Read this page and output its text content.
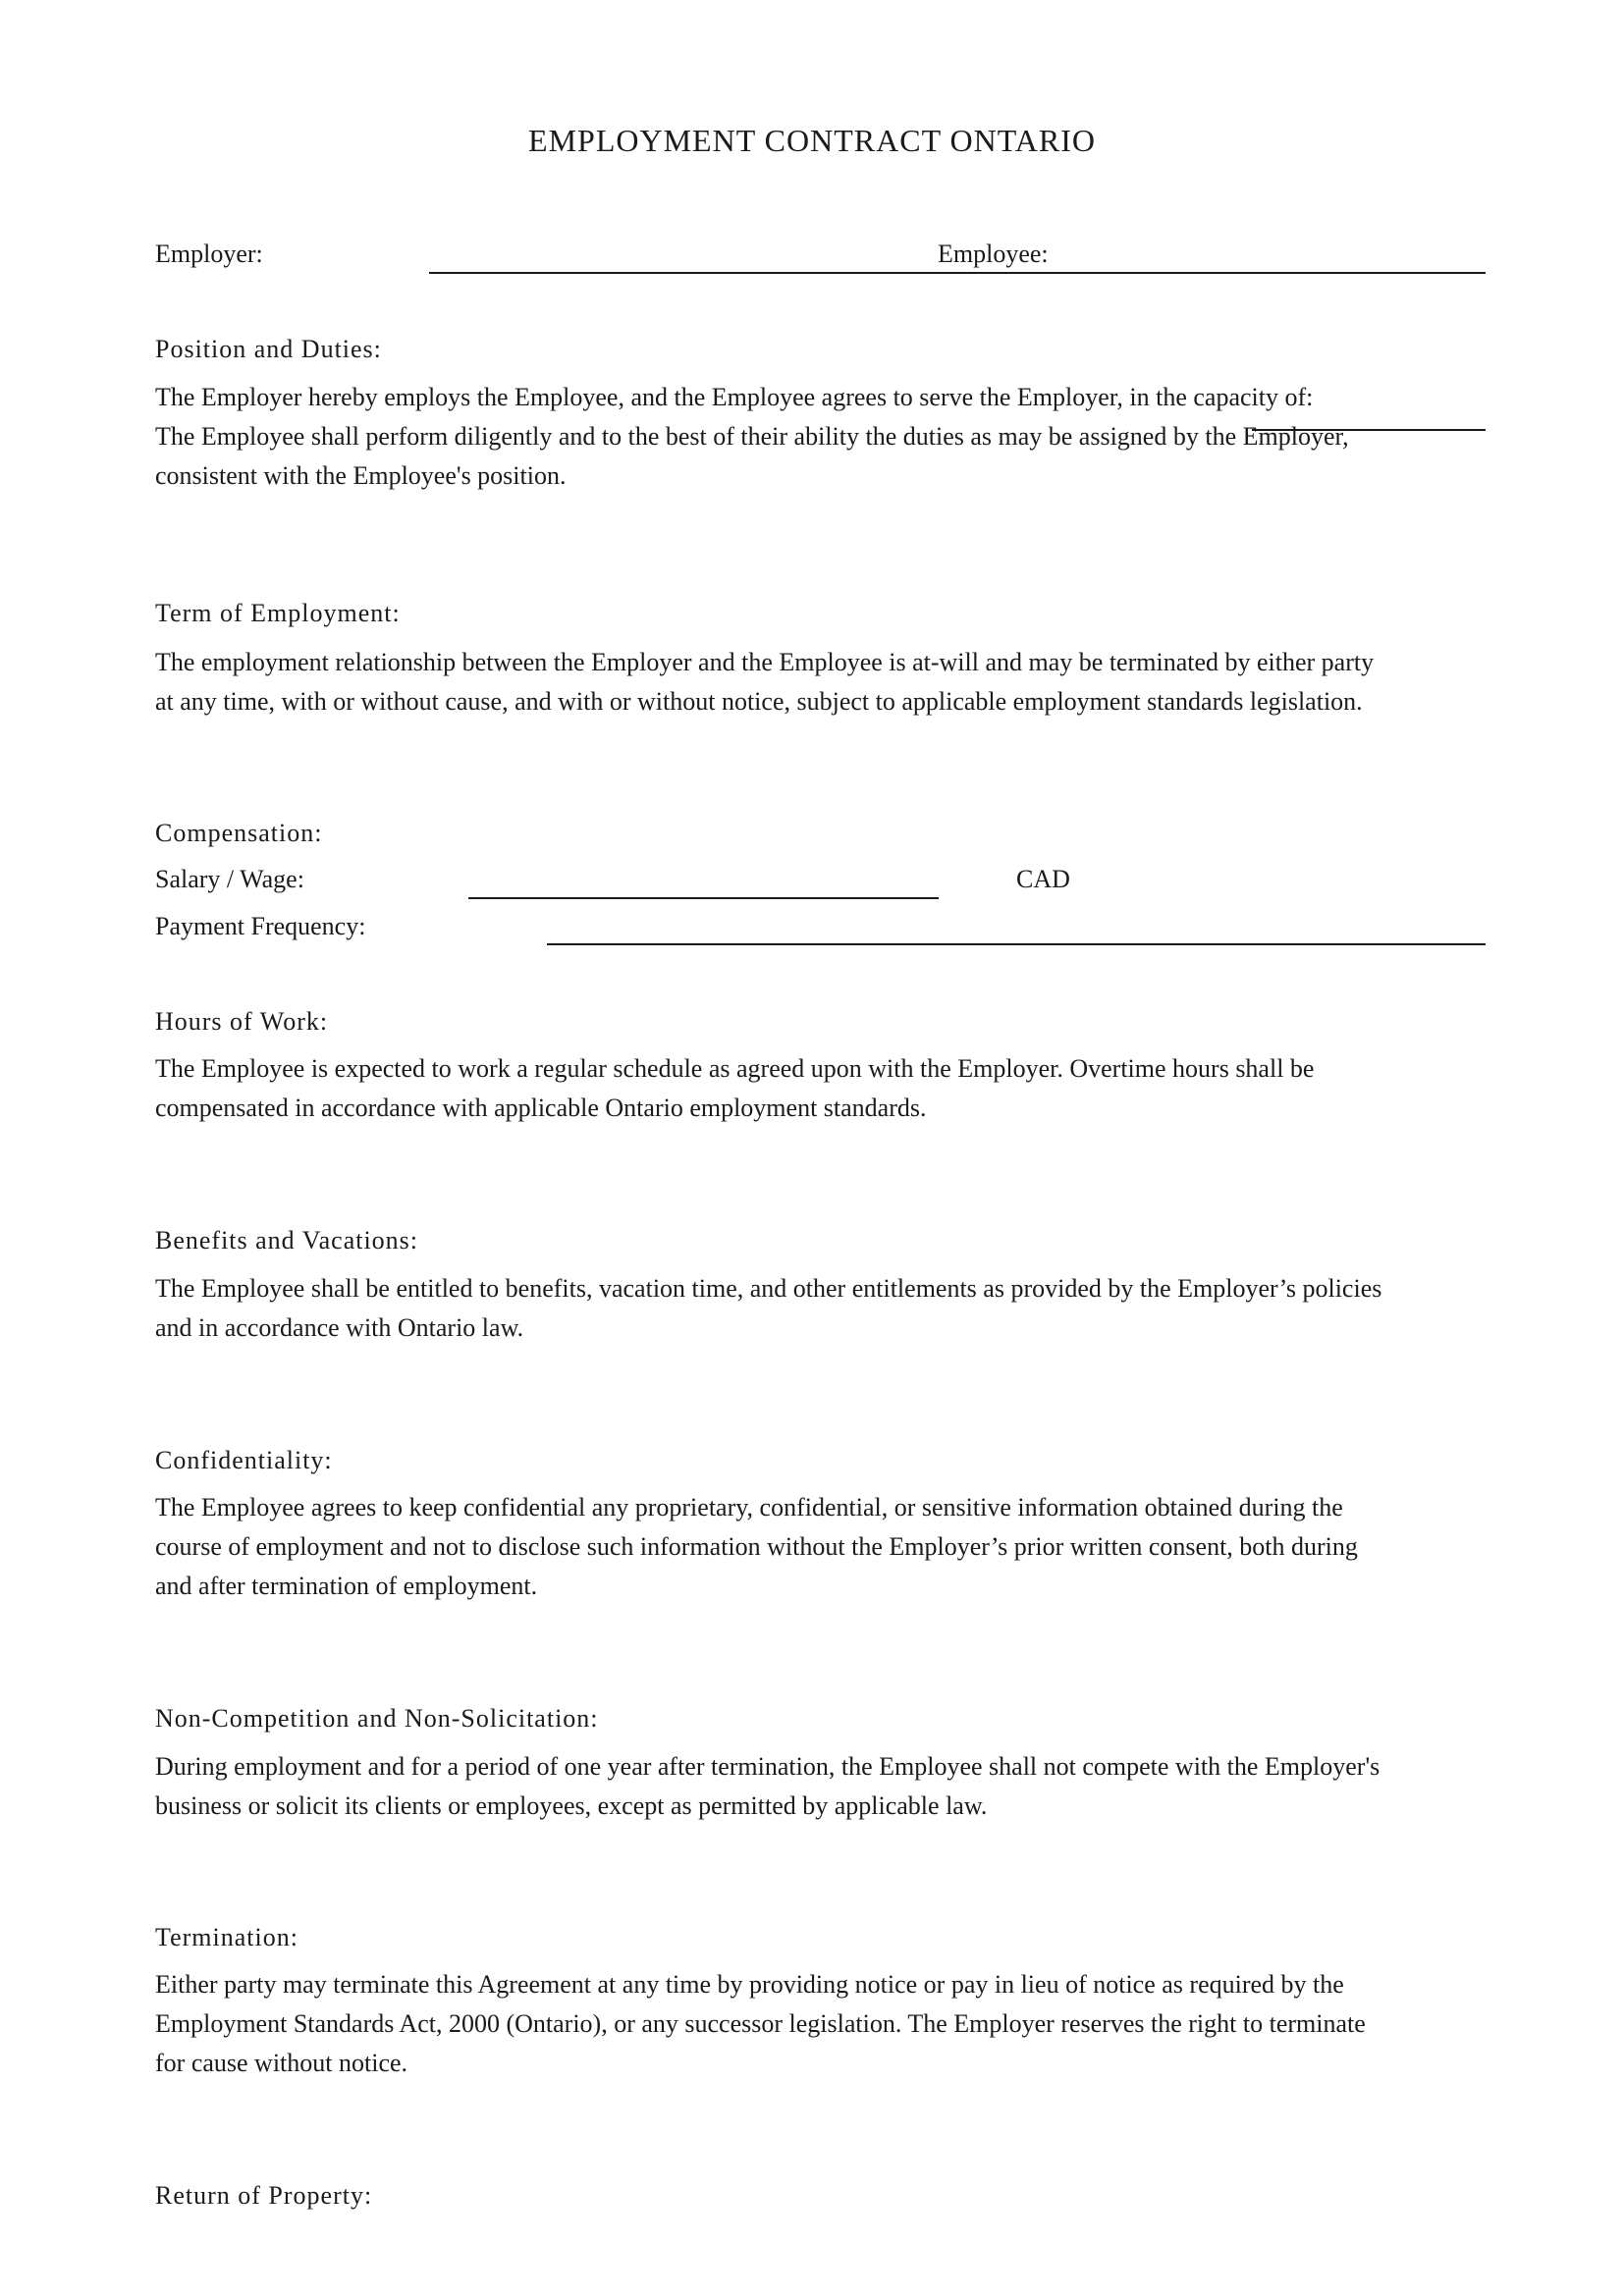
EMPLOYMENT CONTRACT ONTARIO
Employer:	Employee:
Position and Duties:
The Employer hereby employs the Employee, and the Employee agrees to serve the Employer, in the capacity of:
The Employee shall perform diligently and to the best of their ability the duties as may be assigned by the Employer,
consistent with the Employee's position.
Term of Employment:
The employment relationship between the Employer and the Employee is at-will and may be terminated by either party
at any time, with or without cause, and with or without notice, subject to applicable employment standards legislation.
Compensation:
Salary / Wage:	CAD
Payment Frequency:
Hours of Work:
The Employee is expected to work a regular schedule as agreed upon with the Employer. Overtime hours shall be
compensated in accordance with applicable Ontario employment standards.
Benefits and Vacations:
The Employee shall be entitled to benefits, vacation time, and other entitlements as provided by the Employer’s policies
and in accordance with Ontario law.
Confidentiality:
The Employee agrees to keep confidential any proprietary, confidential, or sensitive information obtained during the
course of employment and not to disclose such information without the Employer’s prior written consent, both during
and after termination of employment.
Non-Competition and Non-Solicitation:
During employment and for a period of one year after termination, the Employee shall not compete with the Employer's
business or solicit its clients or employees, except as permitted by applicable law.
Termination:
Either party may terminate this Agreement at any time by providing notice or pay in lieu of notice as required by the
Employment Standards Act, 2000 (Ontario), or any successor legislation. The Employer reserves the right to terminate
for cause without notice.
Return of Property:
